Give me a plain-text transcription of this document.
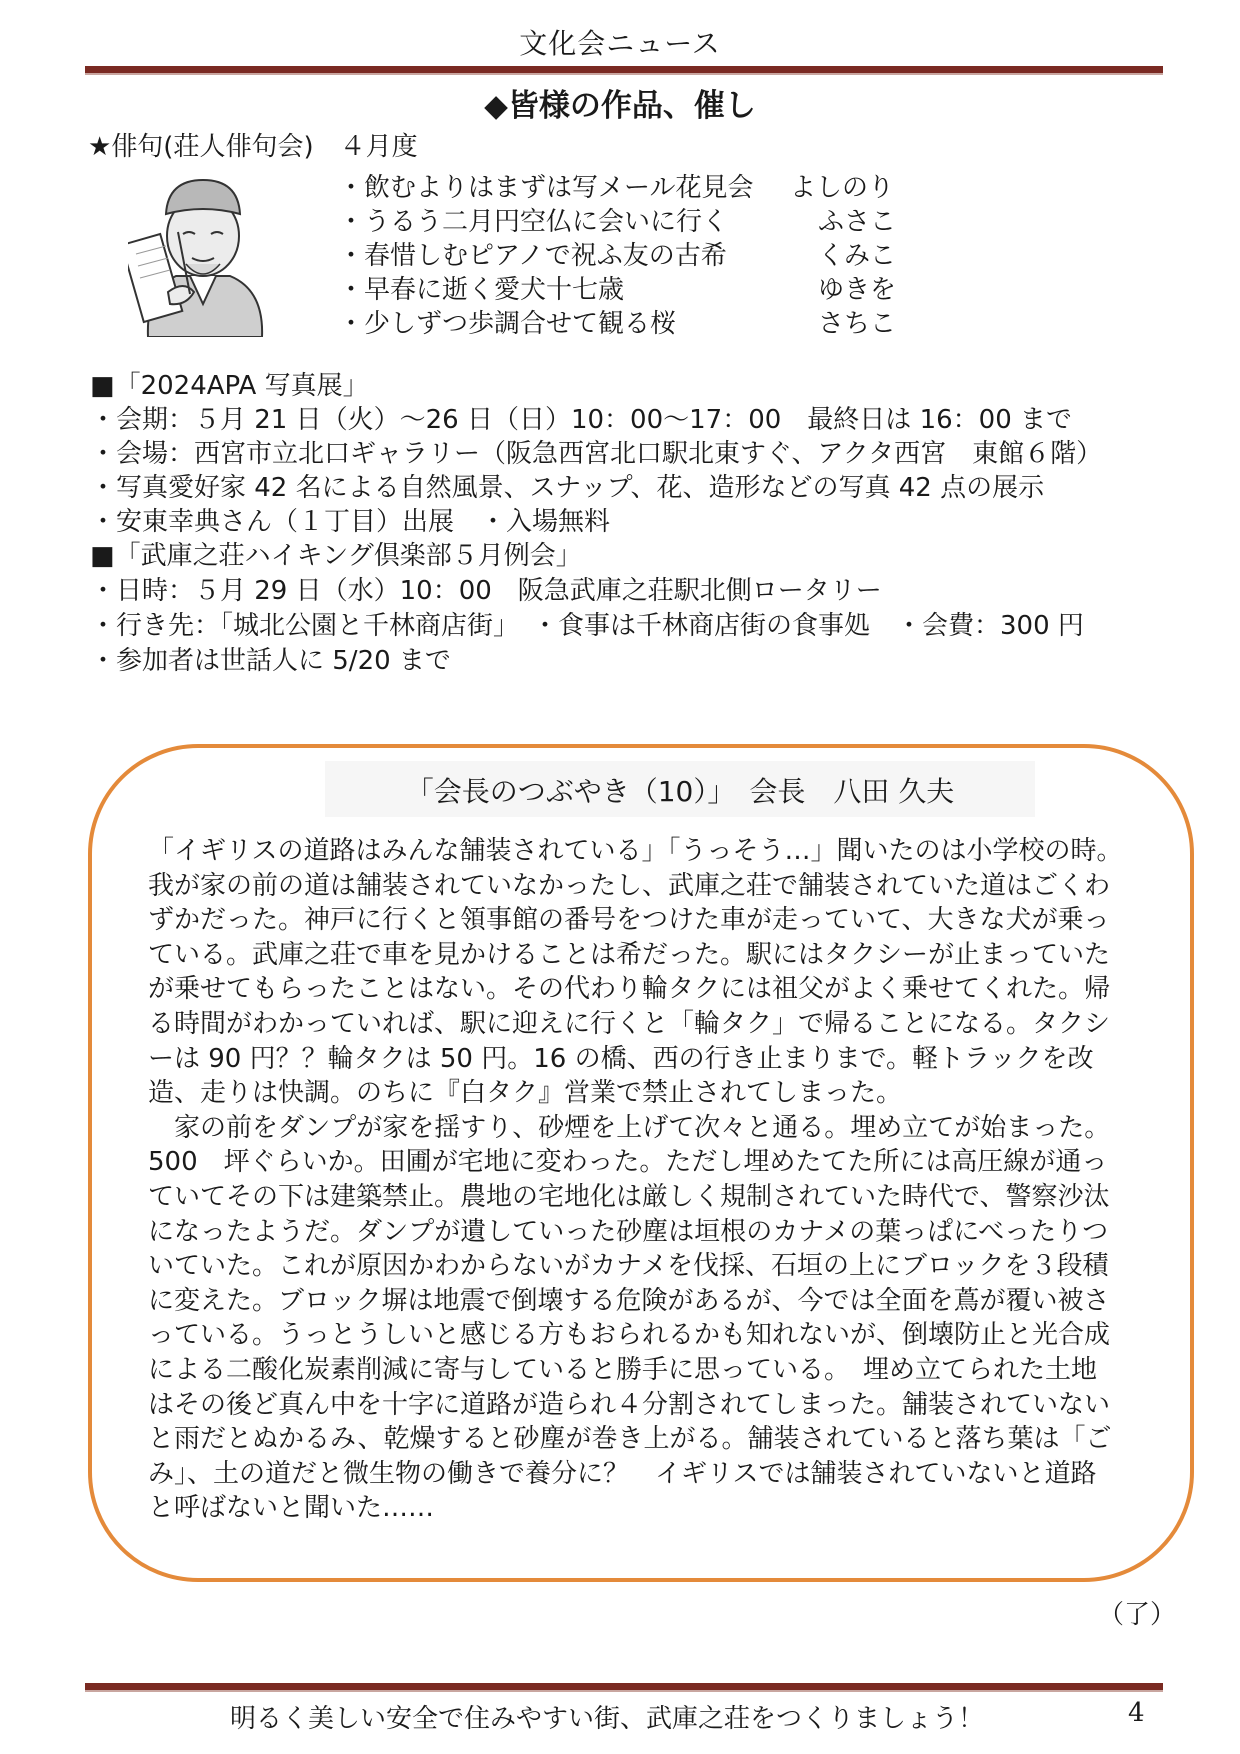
文化会ニュース
◆皆様の作品、催し
★俳句(荘人俳句会)　４月度
・飲むよりはまずは写メール花見会 よしのり
・うるう二月円空仏に会いに行く	ふさこ
・春惜しむピアノで祝ふ友の古希	くみこ
・早春に逝く愛犬十七歳	ゆきを
・少しずつ歩調合せて観る桜	さちこ
■「2024APA 写真展」
・会期：５月 21 日（火）～26 日（日）10：00～17：00　最終日は 16：00 まで
・会場：西宮市立北口ギャラリー（阪急西宮北口駅北東すぐ、アクタ西宮　東館６階）
・写真愛好家 42 名による自然風景、スナップ、花、造形などの写真 42 点の展示
・安東幸典さん（１丁目）出展　・入場無料
■「武庫之荘ハイキング倶楽部５月例会」
・日時：５月 29 日（水）10：00　阪急武庫之荘駅北側ロータリー
・行き先：「城北公園と千林商店街」　・食事は千林商店街の食事処　・会費：300 円
・参加者は世話人に 5/20 まで
「会長のつぶやき（10）」　会長　八田 久夫
「イギリスの道路はみんな舗装されている」「うっそう…」聞いたのは小学校の時。
我が家の前の道は舗装されていなかったし、武庫之荘で舗装されていた道はごくわ
ずかだった。神戸に行くと領事館の番号をつけた車が走っていて、大きな犬が乗っ
ている。武庫之荘で車を見かけることは希だった。駅にはタクシーが止まっていた
が乗せてもらったことはない。その代わり輪タクには祖父がよく乗せてくれた。帰
る時間がわかっていれば、駅に迎えに行くと「輪タク」で帰ることになる。タクシ
ーは 90 円？？輪タクは 50 円。16 の橋、西の行き止まりまで。軽トラックを改
造、走りは快調。のちに『白タク』営業で禁止されてしまった。
　家の前をダンプが家を揺すり、砂煙を上げて次々と通る。埋め立てが始まった。
500　坪ぐらいか。田圃が宅地に変わった。ただし埋めたてた所には高圧線が通っ
ていてその下は建築禁止。農地の宅地化は厳しく規制されていた時代で、警察沙汰
になったようだ。ダンプが遺していった砂塵は垣根のカナメの葉っぱにべったりつ
いていた。これが原因かわからないがカナメを伐採、石垣の上にブロックを３段積
に変えた。ブロック塀は地震で倒壊する危険があるが、今では全面を蔦が覆い被さ
っている。うっとうしいと感じる方もおられるかも知れないが、倒壊防止と光合成
による二酸化炭素削減に寄与していると勝手に思っている。　埋め立てられた土地
はその後ど真ん中を十字に道路が造られ４分割されてしまった。舗装されていない
と雨だとぬかるみ、乾燥すると砂塵が巻き上がる。舗装されていると落ち葉は「ご
み」、土の道だと微生物の働きで養分に？　イギリスでは舗装されていないと道路
と呼ばないと聞いた……
（了）
明るく美しい安全で住みやすい街、武庫之荘をつくりましょう！	4
